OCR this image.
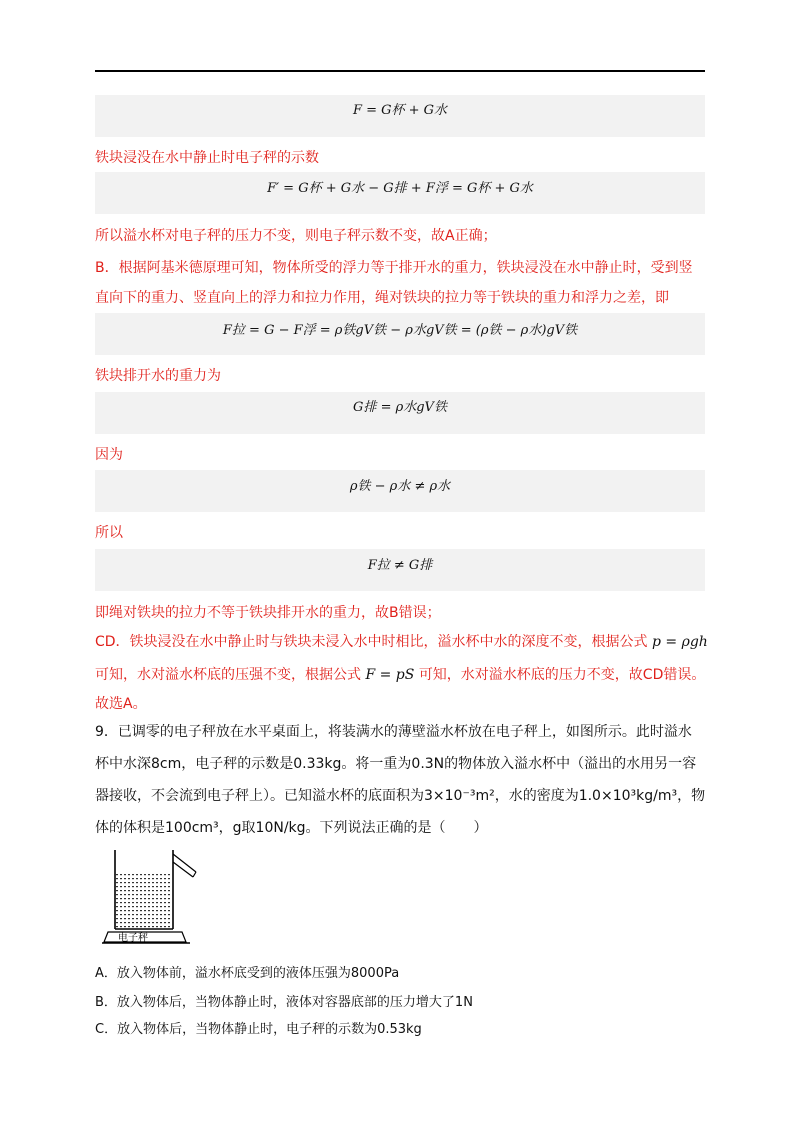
F = G杯 + G水
铁块浸没在水中静止时电子秤的示数
F′ = G杯 + G水 − G排 + F浮 = G杯 + G水
所以溢水杯对电子秤的压力不变，则电子秤示数不变，故A正确；
B．根据阿基米德原理可知，物体所受的浮力等于排开水的重力，铁块浸没在水中静止时，受到竖
直向下的重力、竖直向上的浮力和拉力作用，绳对铁块的拉力等于铁块的重力和浮力之差，即
F拉 = G − F浮 = ρ铁gV铁 − ρ水gV铁 = (ρ铁 − ρ水)gV铁
铁块排开水的重力为
G排 = ρ水gV铁
因为
ρ铁 − ρ水 ≠ ρ水
所以
F拉 ≠ G排
即绳对铁块的拉力不等于铁块排开水的重力，故B错误；
CD．铁块浸没在水中静止时与铁块未浸入水中时相比，溢水杯中水的深度不变，根据公式 p = ρgh
可知，水对溢水杯底的压强不变，根据公式 F = pS 可知，水对溢水杯底的压力不变，故CD错误。
故选A。
9．已调零的电子秤放在水平桌面上，将装满水的薄壁溢水杯放在电子秤上，如图所示。此时溢水
杯中水深8cm，电子秤的示数是0.33kg。将一重为0.3N的物体放入溢水杯中（溢出的水用另一容
器接收，不会流到电子秤上）。已知溢水杯的底面积为3×10⁻³m²，水的密度为1.0×10³kg/m³，物
体的体积是100cm³，g取10N/kg。下列说法正确的是（　　）
电子秤
A．放入物体前，溢水杯底受到的液体压强为8000Pa
B．放入物体后，当物体静止时，液体对容器底部的压力增大了1N
C．放入物体后，当物体静止时，电子秤的示数为0.53kg
